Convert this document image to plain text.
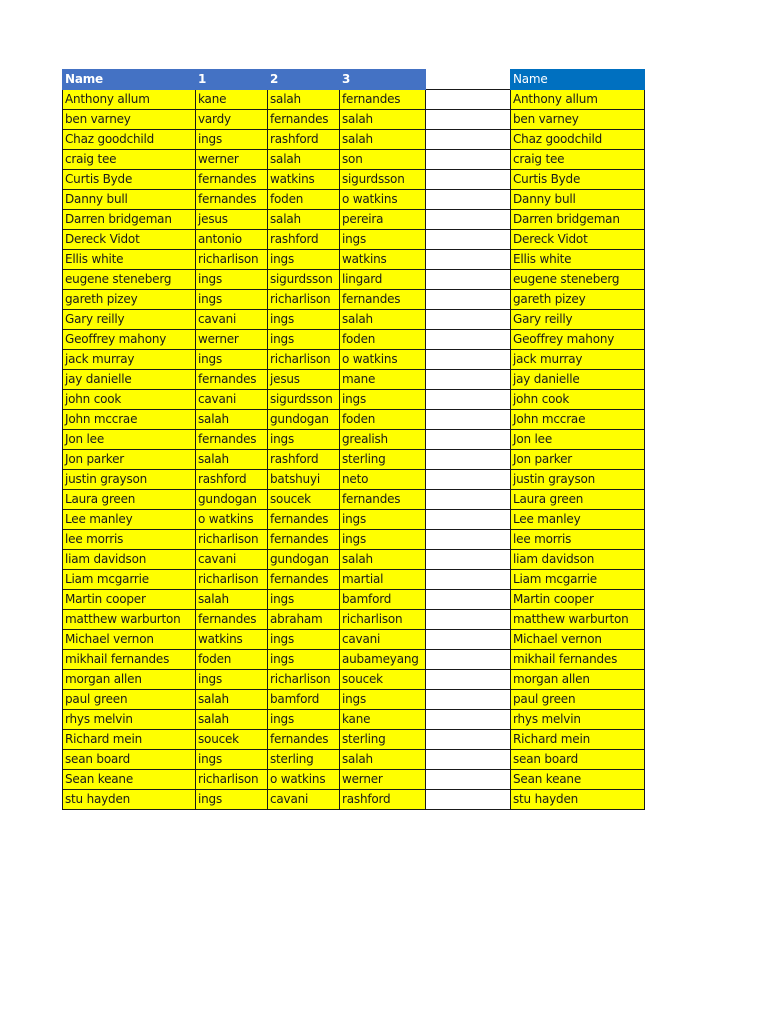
Name	1	2	3	
Anthony allum	kane	salah	fernandes	
ben varney	vardy	fernandes	salah	
Chaz goodchild	ings	rashford	salah	
craig tee	werner	salah	son	
Curtis Byde	fernandes	watkins	sigurdsson	
Danny bull	fernandes	foden	o watkins	
Darren bridgeman	jesus	salah	pereira	
Dereck Vidot	antonio	rashford	ings	
Ellis white	richarlison	ings	watkins	
eugene steneberg	ings	sigurdsson	lingard	
gareth pizey	ings	richarlison	fernandes	
Gary reilly	cavani	ings	salah	
Geoffrey mahony	werner	ings	foden	
jack murray	ings	richarlison	o watkins	
jay danielle	fernandes	jesus	mane	
john cook	cavani	sigurdsson	ings	
John mccrae	salah	gundogan	foden	
Jon lee	fernandes	ings	grealish	
Jon parker	salah	rashford	sterling	
justin grayson	rashford	batshuyi	neto	
Laura green	gundogan	soucek	fernandes	
Lee manley	o watkins	fernandes	ings	
lee morris	richarlison	fernandes	ings	
liam davidson	cavani	gundogan	salah	
Liam mcgarrie	richarlison	fernandes	martial	
Martin cooper	salah	ings	bamford	
matthew warburton	fernandes	abraham	richarlison	
Michael vernon	watkins	ings	cavani	
mikhail fernandes	foden	ings	aubameyang	
morgan allen	ings	richarlison	soucek	
paul green	salah	bamford	ings	
rhys melvin	salah	ings	kane	
Richard mein	soucek	fernandes	sterling	
sean board	ings	sterling	salah	
Sean keane	richarlison	o watkins	werner	
stu hayden	ings	cavani	rashford	
Name
Anthony allum
ben varney
Chaz goodchild
craig tee
Curtis Byde
Danny bull
Darren bridgeman
Dereck Vidot
Ellis white
eugene steneberg
gareth pizey
Gary reilly
Geoffrey mahony
jack murray
jay danielle
john cook
John mccrae
Jon lee
Jon parker
justin grayson
Laura green
Lee manley
lee morris
liam davidson
Liam mcgarrie
Martin cooper
matthew warburton
Michael vernon
mikhail fernandes
morgan allen
paul green
rhys melvin
Richard mein
sean board
Sean keane
stu hayden
